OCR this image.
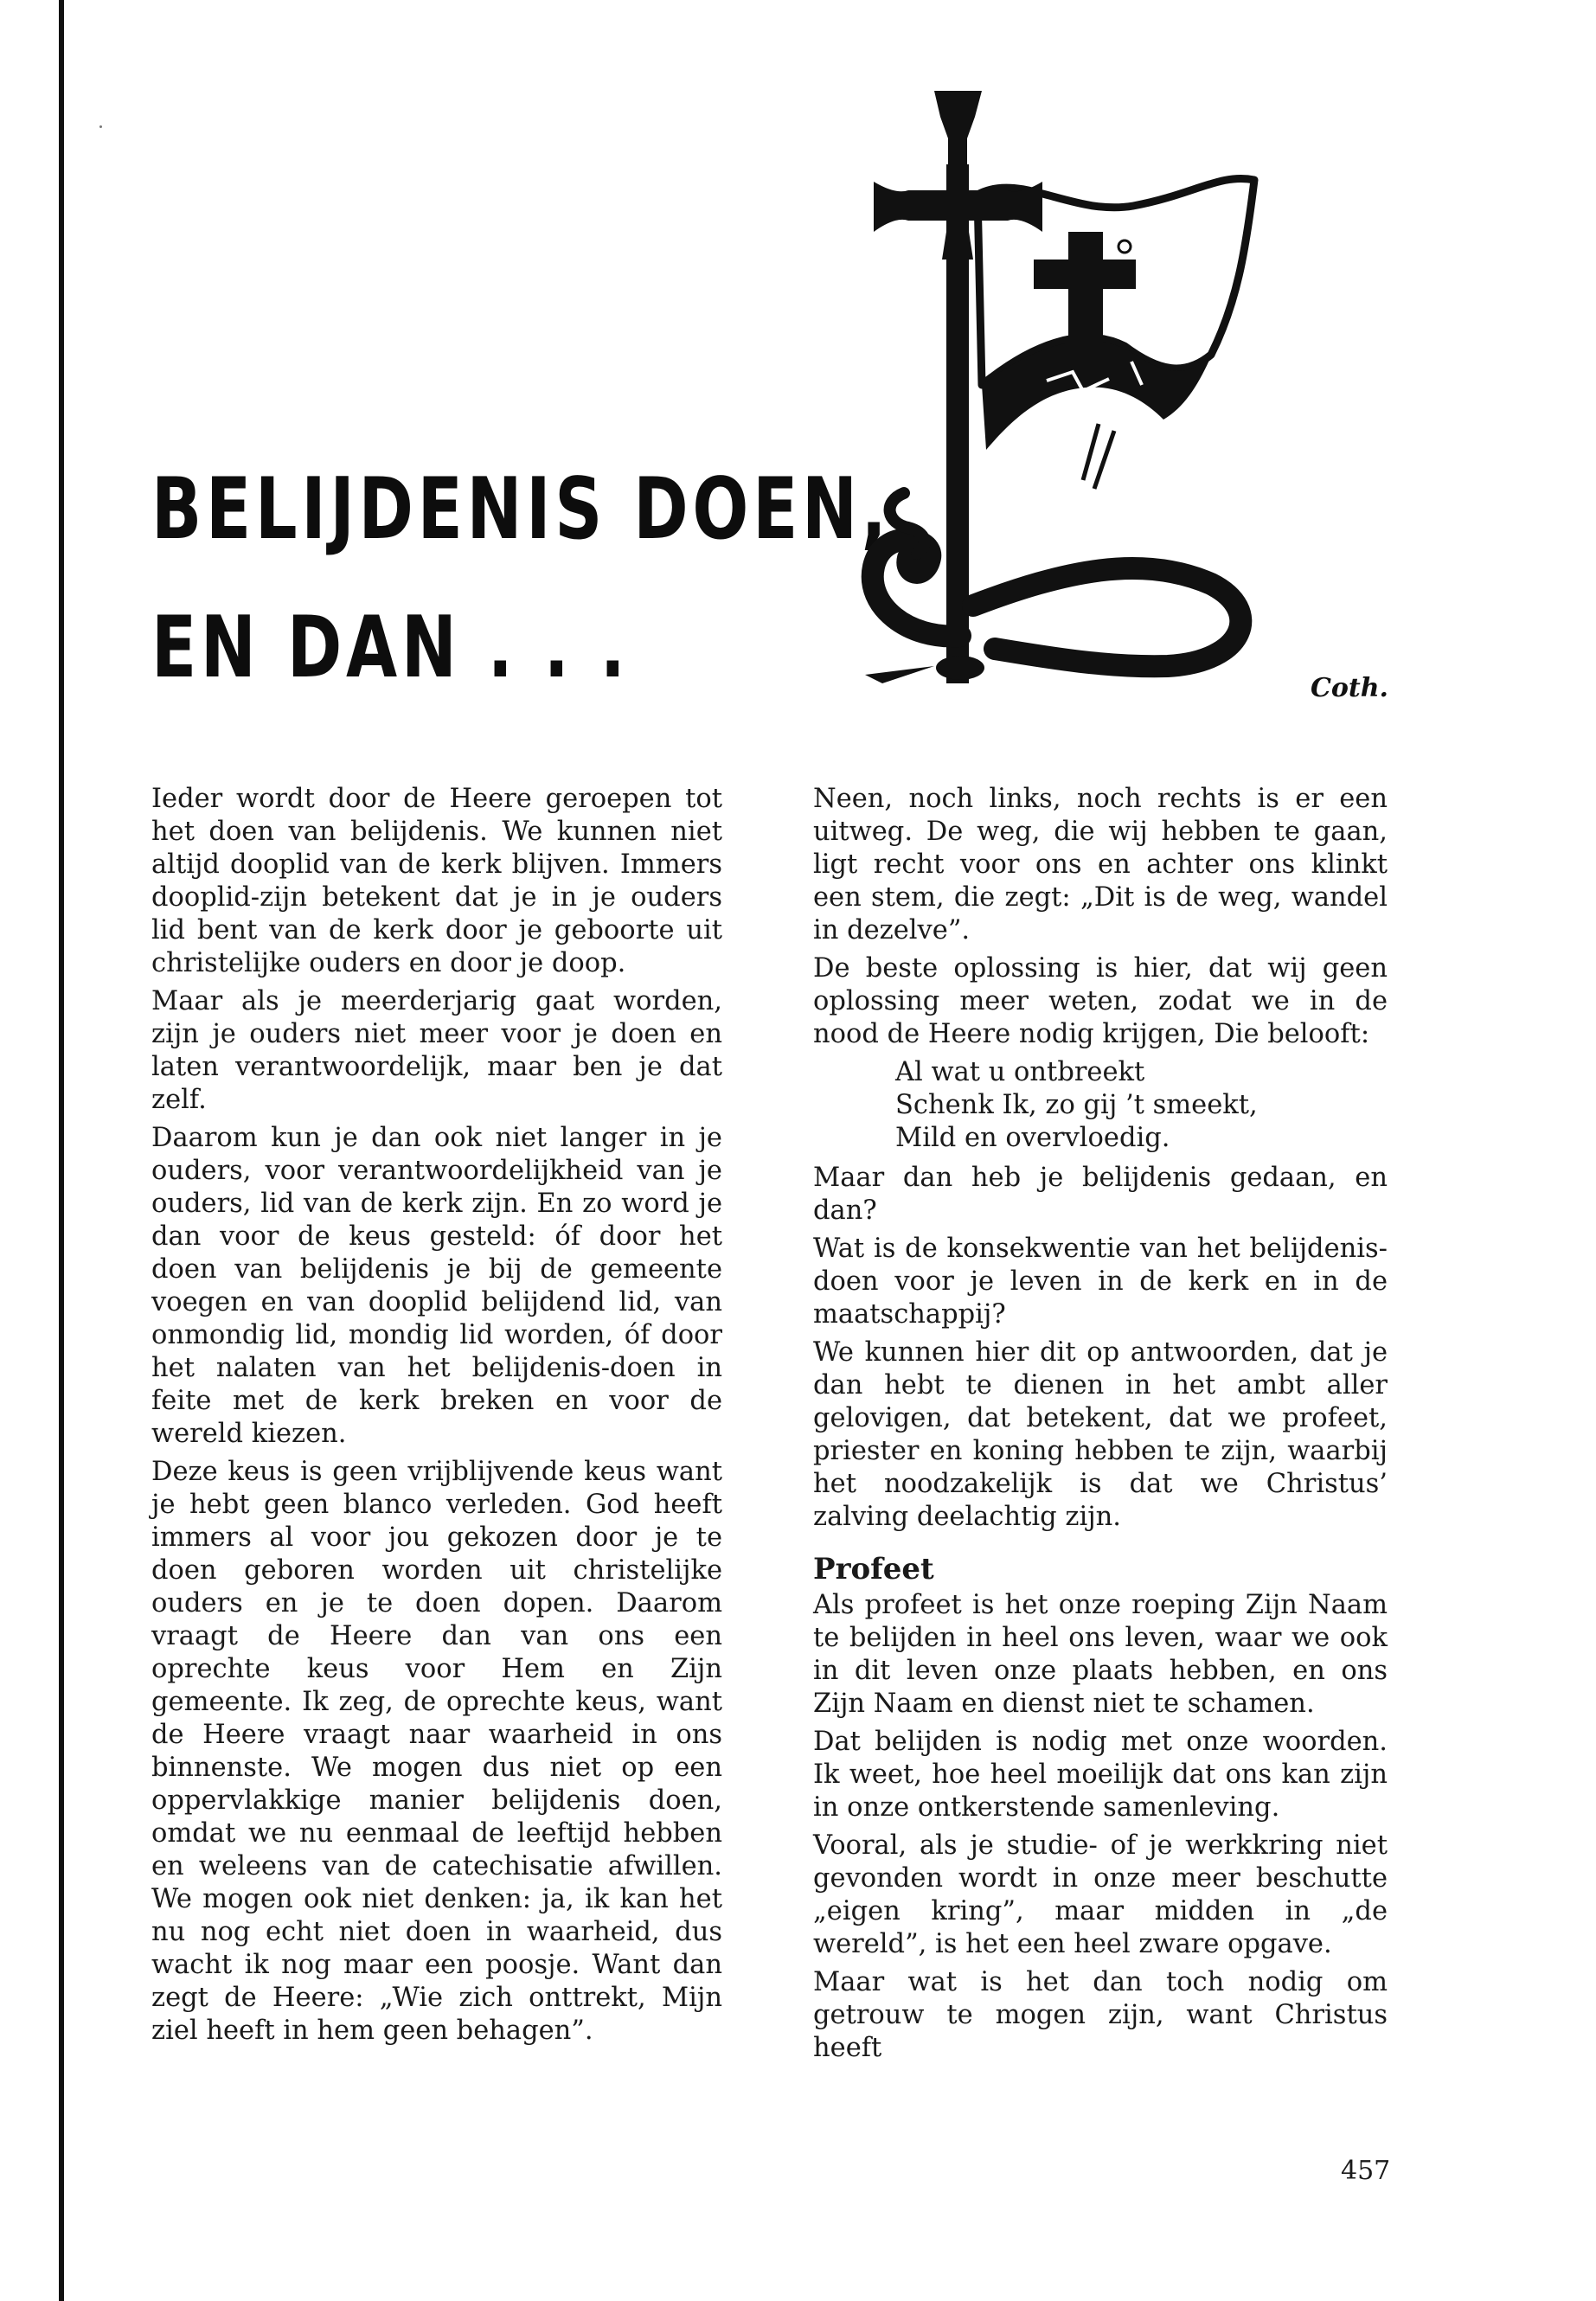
BELIJDENIS DOEN,
EN DAN . . .	Coth.

Ieder wordt door de Heere geroepen tot het doen van belijdenis. We kunnen niet altijd dooplid van de kerk blijven. Immers dooplid-zijn betekent dat je in je ouders lid bent van de kerk door je geboorte uit christelijke ouders en door je doop.

Maar als je meerderjarig gaat worden, zijn je ouders niet meer voor je doen en laten verantwoordelijk, maar ben je dat zelf.

Daarom kun je dan ook niet langer in je ouders, voor verantwoordelijkheid van je ouders, lid van de kerk zijn. En zo word je dan voor de keus gesteld: óf door het doen van belijdenis je bij de gemeente voegen en van dooplid belijdend lid, van onmondig lid, mondig lid worden, óf door het nalaten van het belijdenis-doen in feite met de kerk breken en voor de wereld kiezen.

Deze keus is geen vrijblijvende keus want je hebt geen blanco verleden. God heeft immers al voor jou gekozen door je te doen geboren worden uit christelijke ouders en je te doen dopen. Daarom vraagt de Heere dan van ons een oprechte keus voor Hem en Zijn gemeente. Ik zeg, de oprechte keus, want de Heere vraagt naar waarheid in ons binnenste. We mogen dus niet op een oppervlakkige manier belijdenis doen, omdat we nu eenmaal de leeftijd hebben en weleens van de catechisatie afwillen. We mogen ook niet denken: ja, ik kan het nu nog echt niet doen in waarheid, dus wacht ik nog maar een poosje. Want dan zegt de Heere: „Wie zich onttrekt, Mijn ziel heeft in hem geen behagen”.

Neen, noch links, noch rechts is er een uitweg. De weg, die wij hebben te gaan, ligt recht voor ons en achter ons klinkt een stem, die zegt: „Dit is de weg, wandel in dezelve”.

De beste oplossing is hier, dat wij geen oplossing meer weten, zodat we in de nood de Heere nodig krijgen, Die belooft:

Al wat u ontbreekt
Schenk Ik, zo gij ’t smeekt,
Mild en overvloedig.

Maar dan heb je belijdenis gedaan, en dan?

Wat is de konsekwentie van het belijdenis-doen voor je leven in de kerk en in de maatschappij?

We kunnen hier dit op antwoorden, dat je dan hebt te dienen in het ambt aller gelovigen, dat betekent, dat we profeet, priester en koning hebben te zijn, waarbij het noodzakelijk is dat we Christus’ zalving deelachtig zijn.

Profeet

Als profeet is het onze roeping Zijn Naam te belijden in heel ons leven, waar we ook in dit leven onze plaats hebben, en ons Zijn Naam en dienst niet te schamen.

Dat belijden is nodig met onze woorden. Ik weet, hoe heel moeilijk dat ons kan zijn in onze ontkerstende samenleving.

Vooral, als je studie- of je werkkring niet gevonden wordt in onze meer beschutte „eigen kring”, maar midden in „de wereld”, is het een heel zware opgave.

Maar wat is het dan toch nodig om getrouw te mogen zijn, want Christus heeft

457
